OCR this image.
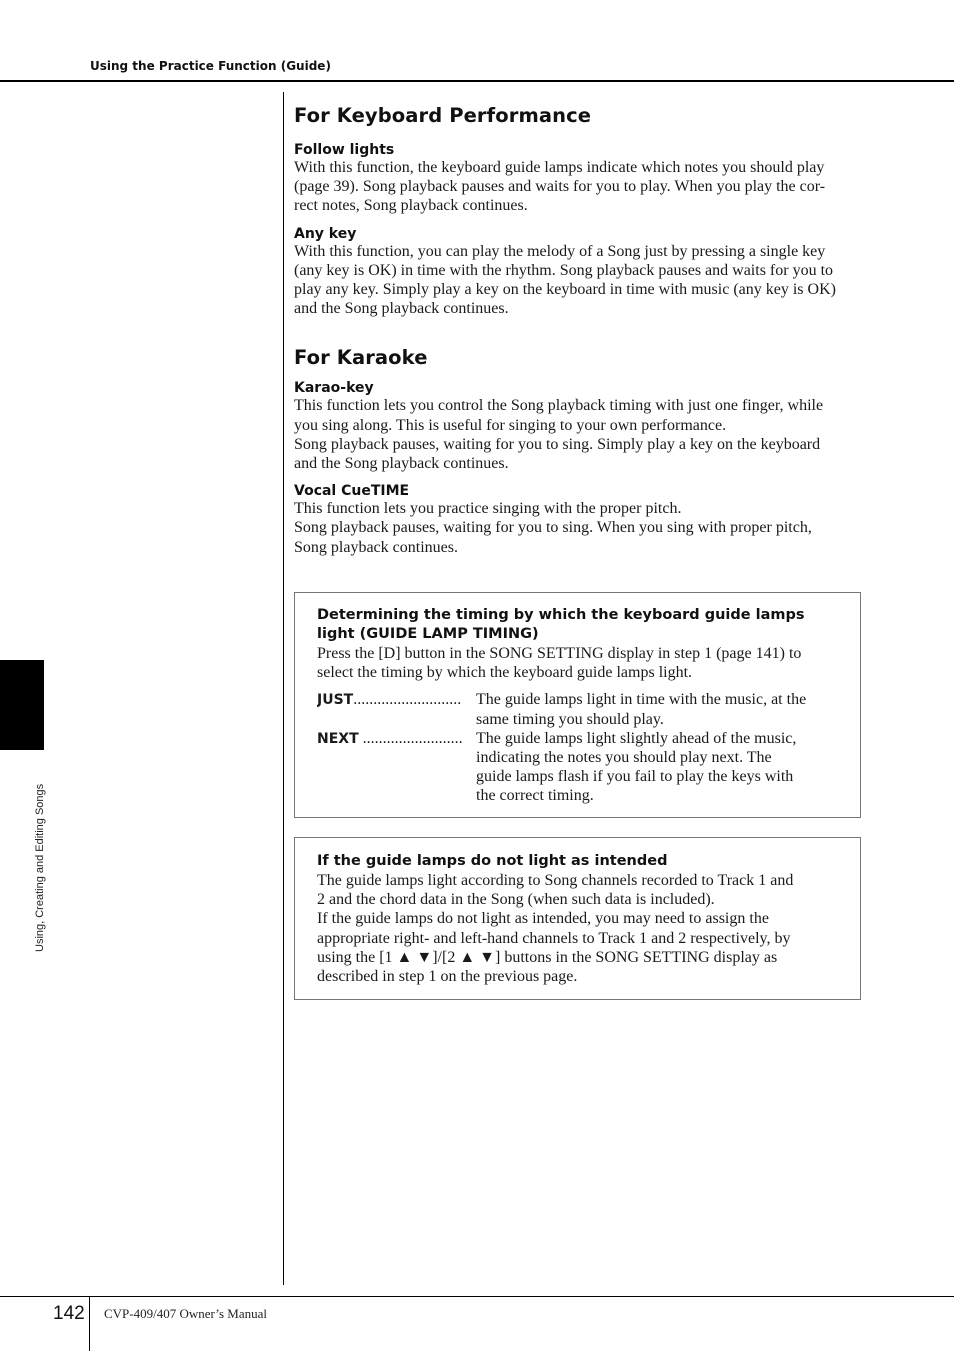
Using the Practice Function (Guide)
Using, Creating and Editing Songs
For Keyboard Performance
Follow lights

With this function, the keyboard guide lamps indicate which notes you should play
(page 39). Song playback pauses and waits for you to play. When you play the cor-
rect notes, Song playback continues.

Any key

With this function, you can play the melody of a Song just by pressing a single key
(any key is OK) in time with the rhythm. Song playback pauses and waits for you to
play any key. Simply play a key on the keyboard in time with music (any key is OK)
and the Song playback continues.

For Karaoke
Karao-key

This function lets you control the Song playback timing with just one finger, while
you sing along. This is useful for singing to your own performance.
Song playback pauses, waiting for you to sing. Simply play a key on the keyboard
and the Song playback continues.

Vocal CueTIME

This function lets you practice singing with the proper pitch.
Song playback pauses, waiting for you to sing. When you sing with proper pitch,
Song playback continues.

Determining the timing by which the keyboard guide lamps
light (GUIDE LAMP TIMING)

Press the [D] button in the SONG SETTING display in step 1 (page 141) to
select the timing by which the keyboard guide lamps light.

JUST........................... The guide lamps light in time with the music, at the
same timing you should play.
NEXT ......................... The guide lamps light slightly ahead of the music,
indicating the notes you should play next. The
guide lamps flash if you fail to play the keys with
the correct timing.
If the guide lamps do not light as intended

The guide lamps light according to Song channels recorded to Track 1 and
2 and the chord data in the Song (when such data is included).
If the guide lamps do not light as intended, you may need to assign the
appropriate right- and left-hand channels to Track 1 and 2 respectively, by
using the [1 ▲ ▼]/[2 ▲ ▼] buttons in the SONG SETTING display as
described in step 1 on the previous page.

142 CVP-409/407 Owner’s Manual
